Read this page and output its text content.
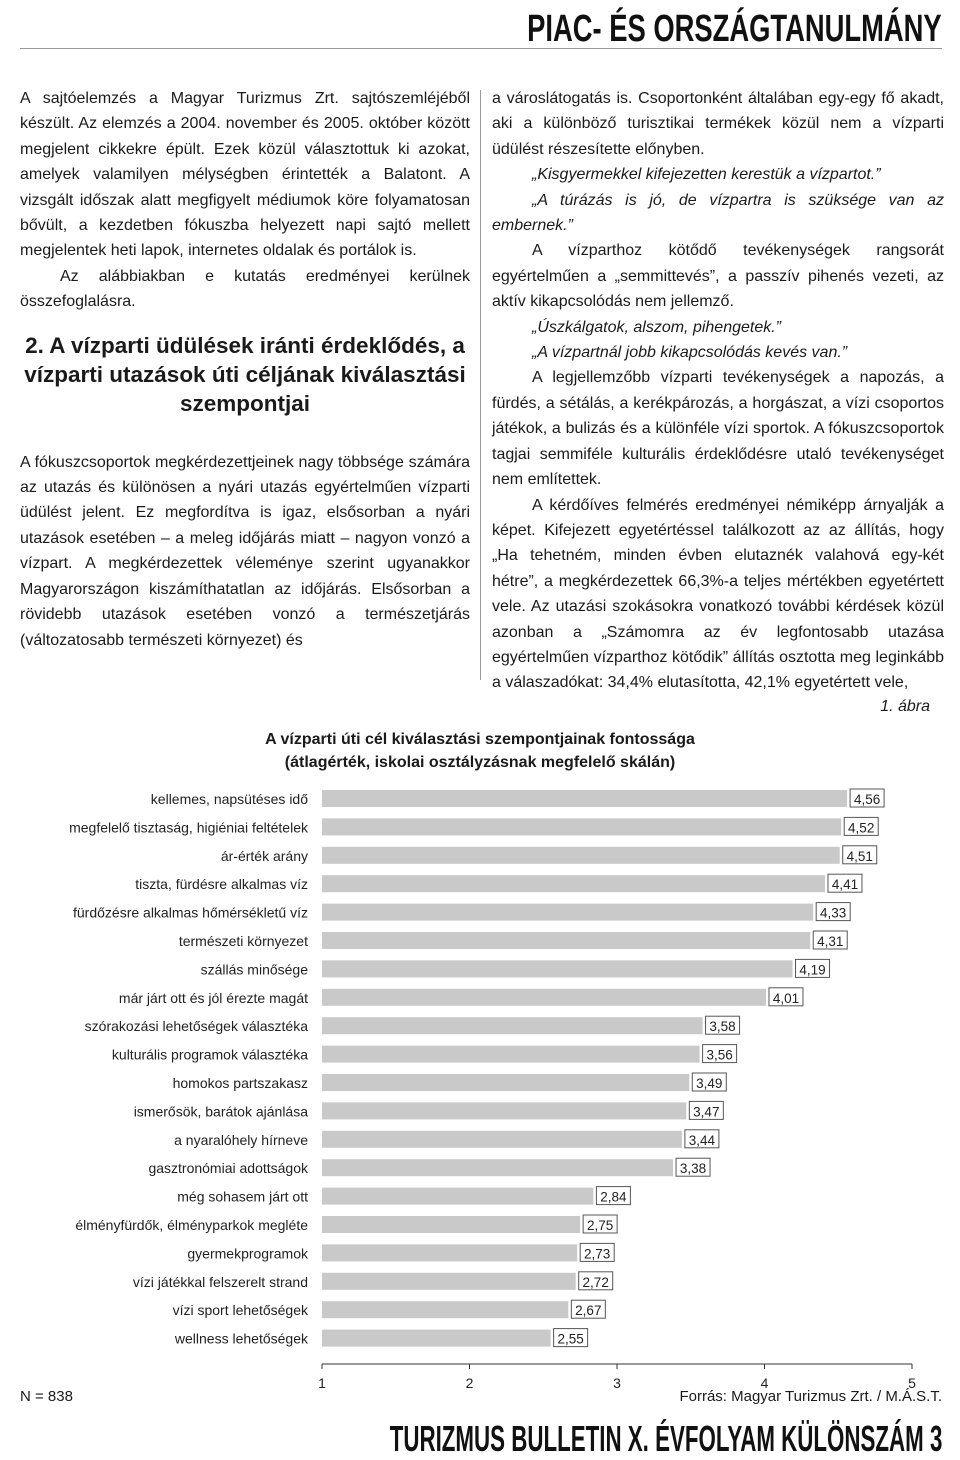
PIAC- ÉS ORSZÁGTANULMÁNY

A sajtóelemzés a Magyar Turizmus Zrt. sajtószemléjéből készült. Az elemzés a 2004. november és 2005. október között megjelent cikkekre épült. Ezek közül választottuk ki azokat, amelyek valamilyen mélységben érintették a Balatont. A vizsgált időszak alatt megfigyelt médiumok köre folyamatosan bővült, a kezdetben fókuszba helyezett napi sajtó mellett megjelentek heti lapok, internetes oldalak és portálok is.

Az alábbiakban e kutatás eredményei kerülnek összefoglalásra.

2. A vízparti üdülések iránti érdeklődés, a vízparti utazások úti céljának kiválasztási szempontjai

A fókuszcsoportok megkérdezettjeinek nagy többsége számára az utazás és különösen a nyári utazás egyértelműen vízparti üdülést jelent. Ez megfordítva is igaz, elsősorban a nyári utazások esetében – a meleg időjárás miatt – nagyon vonzó a vízpart. A megkérdezettek véleménye szerint ugyanakkor Magyarországon kiszámíthatatlan az időjárás. Elsősorban a rövidebb utazások esetében vonzó a természetjárás (változatosabb természeti környezet) és

a városlátogatás is. Csoportonként általában egy-egy fő akadt, aki a különböző turisztikai termékek közül nem a vízparti üdülést részesítette előnyben.

„Kisgyermekkel kifejezetten kerestük a vízpartot.”

„A túrázás is jó, de vízpartra is szüksége van az embernek.”

A vízparthoz kötődő tevékenységek rangsorát egyértelműen a „semmittevés”, a passzív pihenés vezeti, az aktív kikapcsolódás nem jellemző.

„Úszkálgatok, alszom, pihengetek.”

„A vízpartnál jobb kikapcsolódás kevés van.”

A legjellemzőbb vízparti tevékenységek a napozás, a fürdés, a sétálás, a kerékpározás, a horgászat, a vízi csoportos játékok, a bulizás és a különféle vízi sportok. A fókuszcsoportok tagjai semmiféle kulturális érdeklődésre utaló tevékenységet nem említettek.

A kérdőíves felmérés eredményei némiképp árnyalják a képet. Kifejezett egyetértéssel találkozott az az állítás, hogy „Ha tehetném, minden évben elutaznék valahová egy-két hétre”, a megkérdezettek 66,3%-a teljes mértékben egyetértett vele. Az utazási szokásokra vonatkozó további kérdések közül azonban a „Számomra az év legfontosabb utazása egyértelműen vízparthoz kötődik” állítás osztotta meg leginkább a válaszadókat: 34,4% elutasította, 42,1% egyetértett vele,

1. ábra
A vízparti úti cél kiválasztási szempontjainak fontossága
(átlagérték, iskolai osztályzásnak megfelelő skálán)
kellemes, napsütéses idő	4,56
megfelelő tisztaság, higiéniai feltételek	4,52
ár-érték arány	4,51
tiszta, fürdésre alkalmas víz	4,41
fürdőzésre alkalmas hőmérsékletű víz	4,33
természeti környezet	4,31
szállás minősége	4,19
már járt ott és jól érezte magát	4,01
szórakozási lehetőségek választéka	3,58
kulturális programok választéka	3,56
homokos partszakasz	3,49
ismerősök, barátok ajánlása	3,47
a nyaralóhely hírneve	3,44
gasztronómiai adottságok	3,38
még sohasem járt ott	2,84
élményfürdők, élményparkok megléte	2,75
gyermekprogramok	2,73
vízi játékkal felszerelt strand	2,72
vízi sport lehetőségek	2,67
wellness lehetőségek	2,55
1	2	3	4	5
N = 838	Forrás: Magyar Turizmus Zrt. / M.Á.S.T.
TURIZMUS BULLETIN X. ÉVFOLYAM KÜLÖNSZÁM 3
